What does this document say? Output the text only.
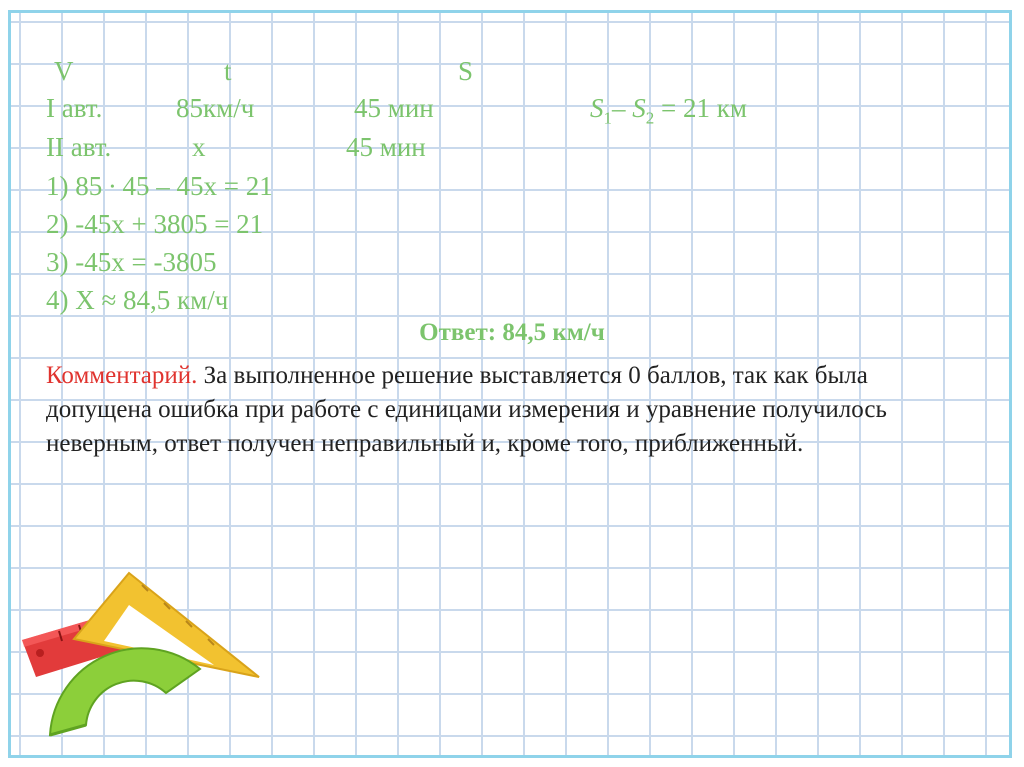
V	t	S
I авт.	85км/ч	45 мин	$S_1-$ $S_2 = 21$ км
II авт.	x	45 мин
1) 85 ∙ 45 – 45x = 21
2) -45x + 3805 = 21
3) -45x = -3805
4) X ≈ 84,5 км/ч
Ответ: 84,5 км/ч
Комментарий. За выполненное решение выставляется 0 баллов, так как была допущена ошибка при работе с единицами измерения и уравнение получилось неверным, ответ получен неправильный и, кроме того, приближенный.
